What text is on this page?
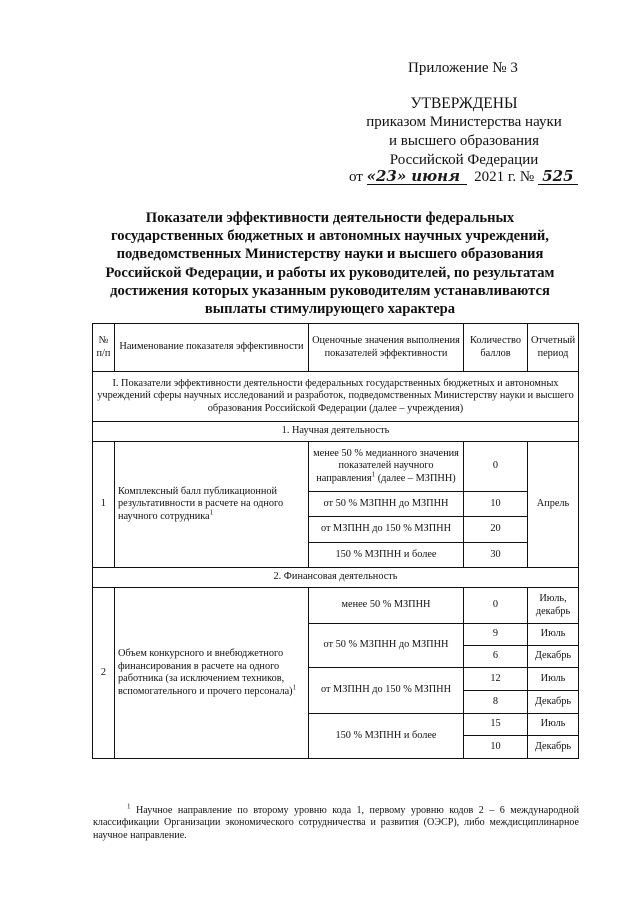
Приложение № 3
УТВЕРЖДЕНЫ
приказом Министерства науки
и высшего образования
Российской Федерации
от «23» июня 2021 г. № 525
Показатели эффективности деятельности федеральных
государственных бюджетных и автономных научных учреждений,
подведомственных Министерству науки и высшего образования
Российской Федерации, и работы их руководителей, по результатам
достижения которых указанным руководителям устанавливаются
выплаты стимулирующего характера
№ п/п	Наименование показателя эффективности	Оценочные значения выполнения показателей эффективности	Количество баллов	Отчетный период
I. Показатели эффективности деятельности федеральных государственных бюджетных и автономных учреждений сферы научных исследований и разработок, подведомственных Министерству науки и высшего образования Российской Федерации (далее – учреждения)				
1. Научная деятельность				
1	Комплексный балл публикационной результативности в расчете на одного научного сотрудника$^1$	менее 50 % медианного значения показателей научного направления$^1$ (далее – МЗПНН)	0	Апрель
		от 50 % МЗПНН до МЗПНН	10	
		от МЗПНН до 150 % МЗПНН	20	
		150 % МЗПНН и более	30	
2. Финансовая деятельность				
2	Объем конкурсного и внебюджетного финансирования в расчете на одного работника (за исключением техников, вспомогательного и прочего персонала)$^1$	менее 50 % МЗПНН	0	Июль, декабрь
		от 50 % МЗПНН до МЗПНН	9	Июль
			6	Декабрь
		от МЗПНН до 150 % МЗПНН	12	Июль
			8	Декабрь
		150 % МЗПНН и более	15	Июль
			10	Декабрь
$^1$ Научное направление по второму уровню кода 1, первому уровню кодов 2 – 6 международной классификации Организации экономического сотрудничества и развития (ОЭСР), либо междисциплинарное научное направление.
